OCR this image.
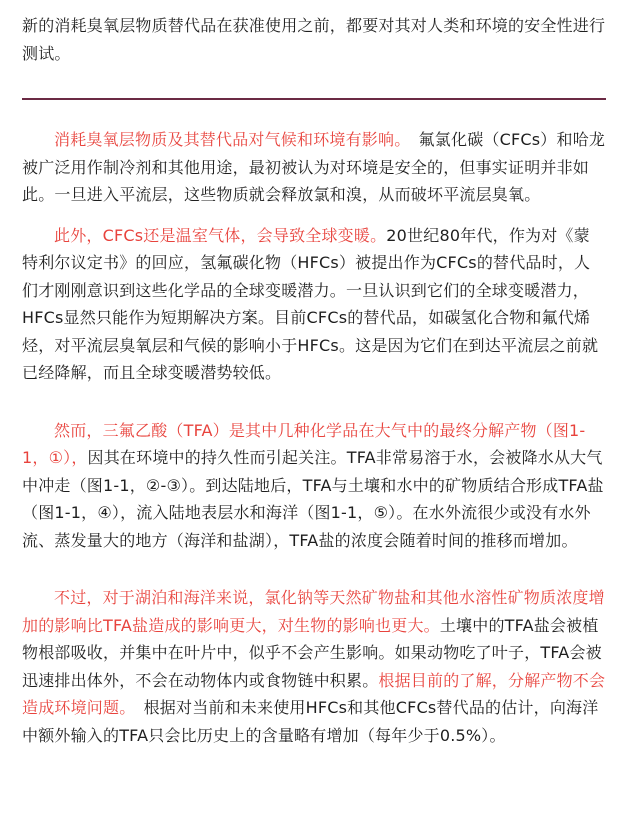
新的消耗臭氧层物质替代品在获准使用之前，都要对其对人类和环境的安全性进行测试。

消耗臭氧层物质及其替代品对气候和环境有影响。　氟氯化碳（CFCs）和哈龙被广泛用作制冷剂和其他用途，最初被认为对环境是安全的，但事实证明并非如此。一旦进入平流层，这些物质就会释放氯和溴，从而破坏平流层臭氧。

此外，CFCs还是温室气体，会导致全球变暖。20世纪80年代，作为对《蒙特利尔议定书》的回应，氢氟碳化物（HFCs）被提出作为CFCs的替代品时，人们才刚刚意识到这些化学品的全球变暖潜力。一旦认识到它们的全球变暖潜力，HFCs显然只能作为短期解决方案。目前CFCs的替代品，如碳氢化合物和氟代烯烃，对平流层臭氧层和气候的影响小于HFCs。这是因为它们在到达平流层之前就已经降解，而且全球变暖潜势较低。

然而，三氟乙酸（TFA）是其中几种化学品在大气中的最终分解产物（图1-1，①），因其在环境中的持久性而引起关注。TFA非常易溶于水，会被降水从大气中冲走（图1-1，②-③）。到达陆地后，TFA与土壤和水中的矿物质结合形成TFA盐（图1-1，④），流入陆地表层水和海洋（图1-1，⑤）。在水外流很少或没有水外流、蒸发量大的地方（海洋和盐湖），TFA盐的浓度会随着时间的推移而增加。

不过，对于湖泊和海洋来说，氯化钠等天然矿物盐和其他水溶性矿物质浓度增加的影响比TFA盐造成的影响更大，对生物的影响也更大。土壤中的TFA盐会被植物根部吸收，并集中在叶片中，似乎不会产生影响。如果动物吃了叶子，TFA会被迅速排出体外，不会在动物体内或食物链中积累。根据目前的了解，分解产物不会造成环境问题。　根据对当前和未来使用HFCs和其他CFCs替代品的估计，向海洋中额外输入的TFA只会比历史上的含量略有增加（每年少于0.5%）。
